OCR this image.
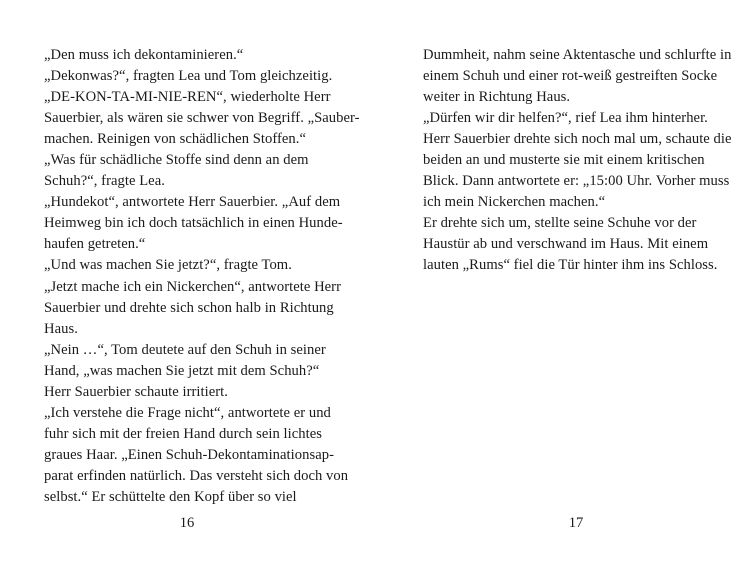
„Den muss ich dekontaminieren.“
„Dekonwas?“, fragten Lea und Tom gleichzeitig.
„DE-KON-TA-MI-NIE-REN“, wiederholte Herr
Sauerbier, als wären sie schwer von Begriff. „Sauber-
machen. Reinigen von schädlichen Stoffen.“
„Was für schädliche Stoffe sind denn an dem
Schuh?“, fragte Lea.
„Hundekot“, antwortete Herr Sauerbier. „Auf dem
Heimweg bin ich doch tatsächlich in einen Hunde-
haufen getreten.“
„Und was machen Sie jetzt?“, fragte Tom.
„Jetzt mache ich ein Nickerchen“, antwortete Herr
Sauerbier und drehte sich schon halb in Richtung
Haus.
„Nein …“, Tom deutete auf den Schuh in seiner
Hand, „was machen Sie jetzt mit dem Schuh?“
Herr Sauerbier schaute irritiert.
„Ich verstehe die Frage nicht“, antwortete er und
fuhr sich mit der freien Hand durch sein lichtes
graues Haar. „Einen Schuh-Dekontaminationsap-
parat erfinden natürlich. Das versteht sich doch von
selbst.“ Er schüttelte den Kopf über so viel
16
Dummheit, nahm seine Aktentasche und schlurfte in
einem Schuh und einer rot-weiß gestreiften Socke
weiter in Richtung Haus.
„Dürfen wir dir helfen?“, rief Lea ihm hinterher.
Herr Sauerbier drehte sich noch mal um, schaute die
beiden an und musterte sie mit einem kritischen
Blick. Dann antwortete er: „15:00 Uhr. Vorher muss
ich mein Nickerchen machen.“
Er drehte sich um, stellte seine Schuhe vor der
Haustür ab und verschwand im Haus. Mit einem
lauten „Rums“ fiel die Tür hinter ihm ins Schloss.
17
